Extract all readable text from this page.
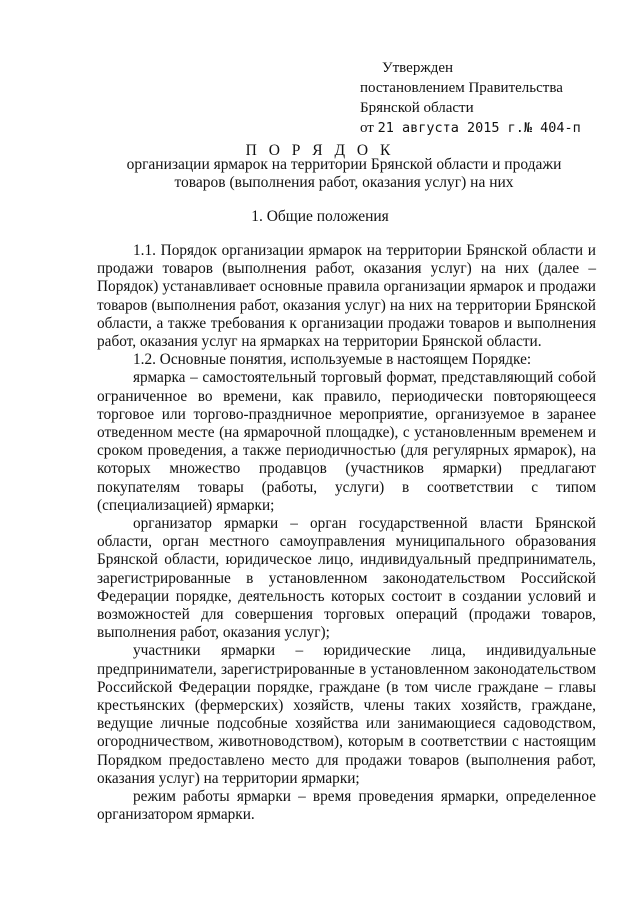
Утвержден
постановлением Правительства
Брянской области
от 21 августа 2015 г.№ 404-п
П О Р Я Д О К
организации ярмарок на территории Брянской области и продажи товаров (выполнения работ, оказания услуг) на них
1. Общие положения

1.1. Порядок организации ярмарок на территории Брянской области и продажи товаров (выполнения работ, оказания услуг) на них (далее – Порядок) устанавливает основные правила организации ярмарок и продажи товаров (выполнения работ, оказания услуг) на них на территории Брянской области, а также требования к организации продажи товаров и выполнения работ, оказания услуг на ярмарках на территории Брянской области.

1.2. Основные понятия, используемые в настоящем Порядке:

ярмарка – самостоятельный торговый формат, представляющий собой ограниченное во времени, как правило, периодически повторяющееся торговое или торгово-праздничное мероприятие, организуемое в заранее отведенном месте (на ярмарочной площадке), с установленным временем и сроком проведения, а также периодичностью (для регулярных ярмарок), на которых множество продавцов (участников ярмарки) предлагают покупателям товары (работы, услуги) в соответствии с типом (специализацией) ярмарки;

организатор ярмарки – орган государственной власти Брянской области, орган местного самоуправления муниципального образования Брянской области, юридическое лицо, индивидуальный предприниматель, зарегистрированные в установленном законодательством Российской Федерации порядке, деятельность которых состоит в создании условий и возможностей для совершения торговых операций (продажи товаров, выполнения работ, оказания услуг);

участники ярмарки – юридические лица, индивидуальные предприниматели, зарегистрированные в установленном законодательством Российской Федерации порядке, граждане (в том числе граждане – главы крестьянских (фермерских) хозяйств, члены таких хозяйств, граждане, ведущие личные подсобные хозяйства или занимающиеся садоводством, огородничеством, животноводством), которым в соответствии с настоящим Порядком предоставлено место для продажи товаров (выполнения работ, оказания услуг) на территории ярмарки;

режим работы ярмарки – время проведения ярмарки, определенное организатором ярмарки.
